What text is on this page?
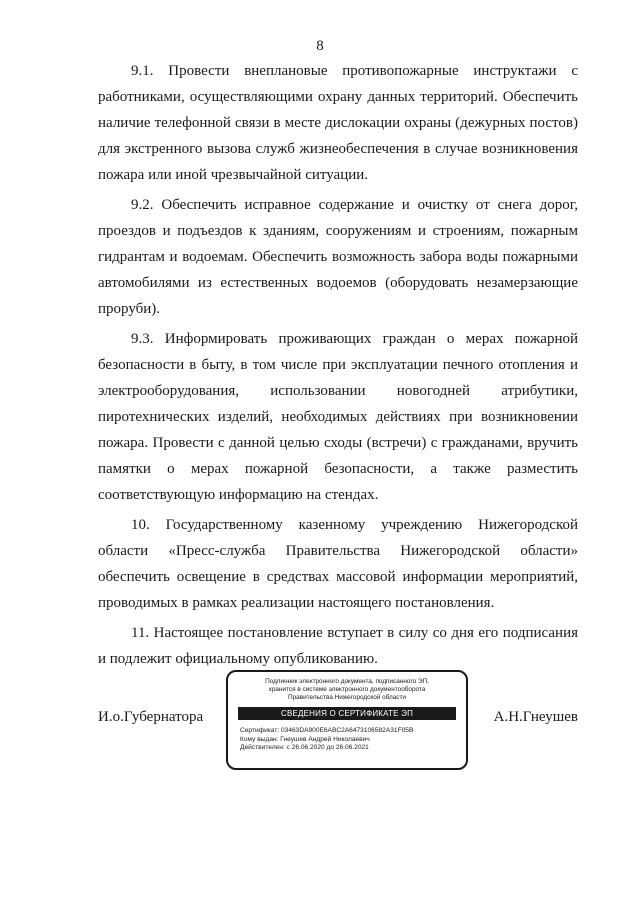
8

9.1. Провести внеплановые противопожарные инструктажи с работниками, осуществляющими охрану данных территорий. Обеспечить наличие телефонной связи в месте дислокации охраны (дежурных постов) для экстренного вызова служб жизнеобеспечения в случае возникновения пожара или иной чрезвычайной ситуации.

9.2. Обеспечить исправное содержание и очистку от снега дорог, проездов и подъездов к зданиям, сооружениям и строениям, пожарным гидрантам и водоемам. Обеспечить возможность забора воды пожарными автомобилями из естественных водоемов (оборудовать незамерзающие проруби).

9.3. Информировать проживающих граждан о мерах пожарной безопасности в быту, в том числе при эксплуатации печного отопления и электрооборудования, использовании новогодней атрибутики, пиротехнических изделий, необходимых действиях при возникновении пожара. Провести с данной целью сходы (встречи) с гражданами, вручить памятки о мерах пожарной безопасности, а также разместить соответствующую информацию на стендах.

10. Государственному казенному учреждению Нижегородской области «Пресс-служба Правительства Нижегородской области» обеспечить освещение в средствах массовой информации мероприятий, проводимых в рамках реализации настоящего постановления.

11. Настоящее постановление вступает в силу со дня его подписания и подлежит официальному опубликованию.

И.о.Губернатора
Подлинник электронного документа, подписанного ЭП,
хранится в системе электронного документооборота
Правительства Нижегородской области
СВЕДЕНИЯ О СЕРТИФИКАТЕ ЭП
Сертификат: 03463DA900E6ABC2A6473106582A31F05B
Кому выдан: Гнеушев Андрей Николаевич
Действителен: с 26.06.2020 до 26.06.2021
А.Н.Гнеушев
